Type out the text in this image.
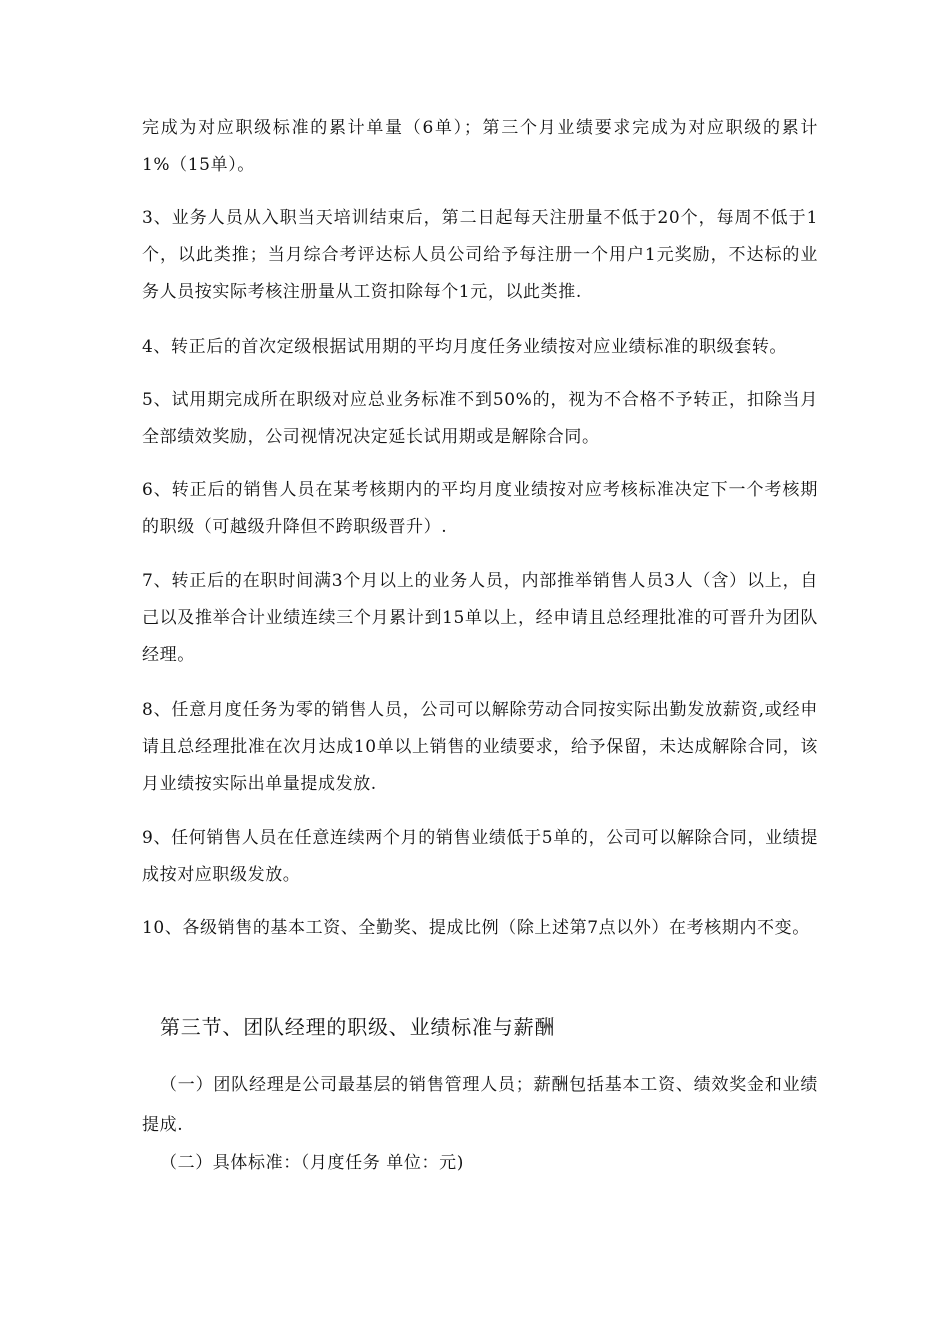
完成为对应职级标准的累计单量（6单）；第三个月业绩要求完成为对应职级的累计1%（15单）。

3、业务人员从入职当天培训结束后，第二日起每天注册量不低于20个，每周不低于1个，以此类推；当月综合考评达标人员公司给予每注册一个用户1元奖励，不达标的业务人员按实际考核注册量从工资扣除每个1元，以此类推.

4、转正后的首次定级根据试用期的平均月度任务业绩按对应业绩标准的职级套转。

5、试用期完成所在职级对应总业务标准不到50%的，视为不合格不予转正，扣除当月全部绩效奖励，公司视情况决定延长试用期或是解除合同。

6、转正后的销售人员在某考核期内的平均月度业绩按对应考核标准决定下一个考核期的职级（可越级升降但不跨职级晋升）.

7、转正后的在职时间满3个月以上的业务人员，内部推举销售人员3人（含）以上，自己以及推举合计业绩连续三个月累计到15单以上，经申请且总经理批准的可晋升为团队经理。

8、任意月度任务为零的销售人员，公司可以解除劳动合同按实际出勤发放薪资,或经申请且总经理批准在次月达成10单以上销售的业绩要求，给予保留，未达成解除合同，该月业绩按实际出单量提成发放.

9、任何销售人员在任意连续两个月的销售业绩低于5单的，公司可以解除合同，业绩提成按对应职级发放。

10、各级销售的基本工资、全勤奖、提成比例（除上述第7点以外）在考核期内不变。

第三节、团队经理的职级、业绩标准与薪酬

（一）团队经理是公司最基层的销售管理人员；薪酬包括基本工资、绩效奖金和业绩提成.

（二）具体标准：（月度任务 单位：元)
